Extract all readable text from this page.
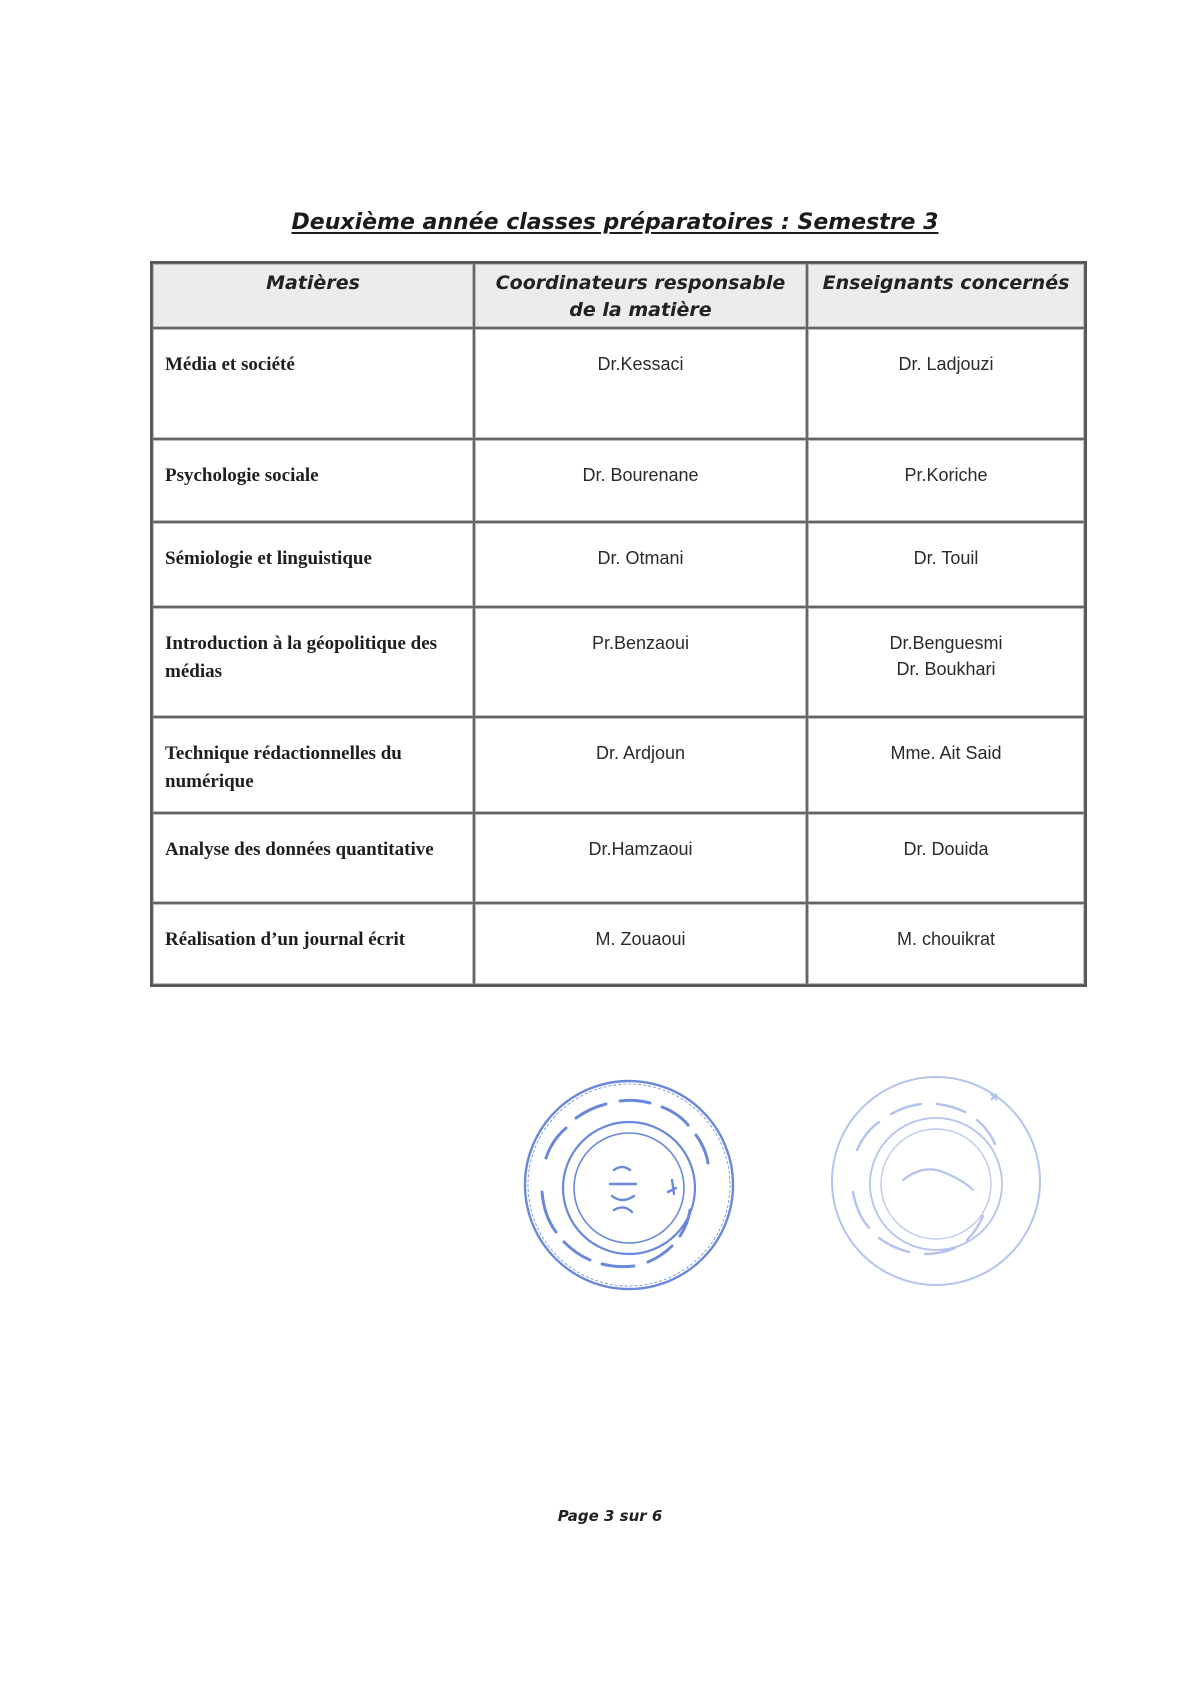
Deuxième année classes préparatoires : Semestre 3
Matières	Coordinateurs responsable de la matière	Enseignants concernés
Média et société	Dr.Kessaci	Dr. Ladjouzi

Psychologie sociale	Dr. Bourenane	Pr.Koriche

Sémiologie et linguistique	Dr. Otmani	Dr. Touil

Introduction à la géopolitique des médias	Pr.Benzaoui	Dr.Benguesmi
Dr. Boukhari

Technique rédactionnelles du numérique	Dr. Ardjoun	Mme. Ait Said

Analyse des données quantitative	Dr.Hamzaoui	Dr. Douida

Réalisation d’un journal écrit	M. Zouaoui	M. chouikrat
Page 3 sur 6
